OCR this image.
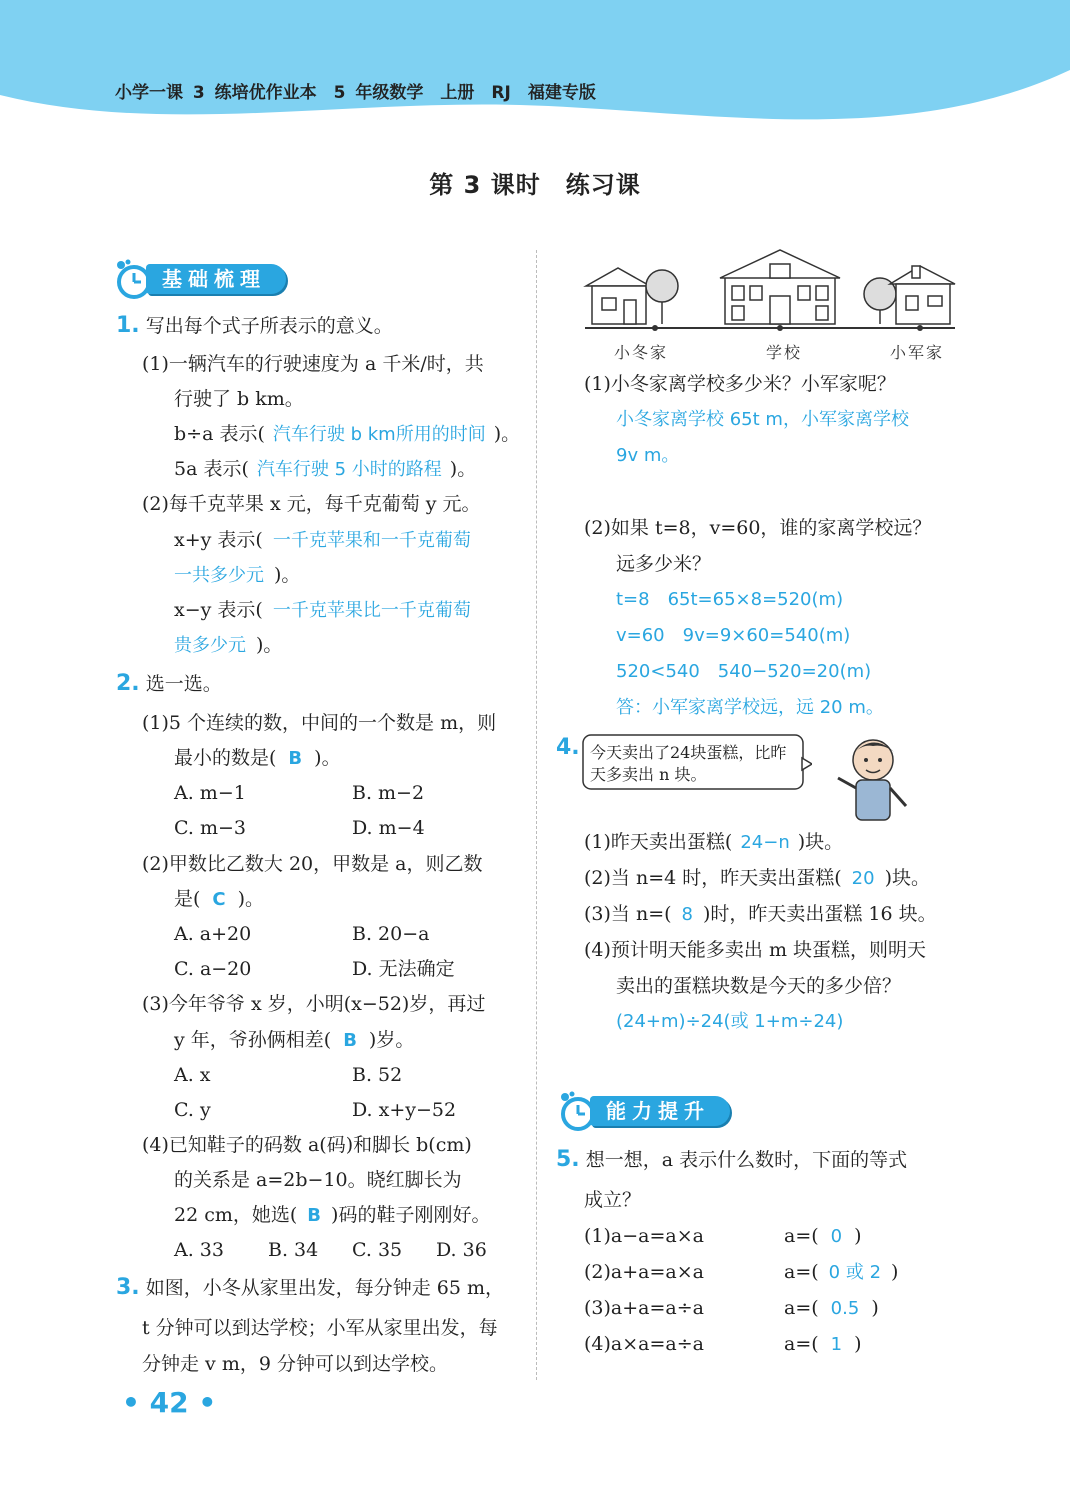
小学一课 3 练培优作业本　5 年级数学　上册　RJ　福建专版
第 3 课时　练习课
基础梳理
1. 写出每个式子所表示的意义。
(1)一辆汽车的行驶速度为 a 千米/时，共
行驶了 b km。
b÷a 表示( 汽车行驶 b km所用的时间 )。
5a 表示( 汽车行驶 5 小时的路程 )。
(2)每千克苹果 x 元，每千克葡萄 y 元。
x+y 表示( 一千克苹果和一千克葡萄
一共多少元 )。
x−y 表示( 一千克苹果比一千克葡萄
贵多少元 )。
2. 选一选。
(1)5 个连续的数，中间的一个数是 m，则
最小的数是( B )。
A. m−1	B. m−2
C. m−3	D. m−4
(2)甲数比乙数大 20，甲数是 a，则乙数
是( C )。
A. a+20	B. 20−a
C. a−20	D. 无法确定
(3)今年爷爷 x 岁，小明(x−52)岁，再过
y 年，爷孙俩相差( B )岁。
A. x	B. 52
C. y	D. x+y−52
(4)已知鞋子的码数 a(码)和脚长 b(cm)
的关系是 a=2b−10。晓红脚长为
22 cm，她选( B )码的鞋子刚刚好。
A. 33 B. 34 C. 35 D. 36
3. 如图，小冬从家里出发，每分钟走 65 m，
t 分钟可以到达学校；小军从家里出发，每
分钟走 v m，9 分钟可以到达学校。
• 42 •
小冬家	学校	小军家
(1)小冬家离学校多少米？小军家呢？
小冬家离学校 65t m，小军家离学校
9v m。
(2)如果 t=8，v=60，谁的家离学校远？
远多少米？
t=8　65t=65×8=520(m)
v=60　9v=9×60=540(m)
520<540　540−520=20(m)
答：小军家离学校远，远 20 m。
4. 今天卖出了24块蛋糕，比昨
天多卖出 n 块。
(1)昨天卖出蛋糕( 24−n )块。
(2)当 n=4 时，昨天卖出蛋糕( 20 )块。
(3)当 n=( 8 )时，昨天卖出蛋糕 16 块。
(4)预计明天能多卖出 m 块蛋糕，则明天
卖出的蛋糕块数是今天的多少倍？
(24+m)÷24(或 1+m÷24)
能力提升
5. 想一想，a 表示什么数时，下面的等式
成立？
(1)a−a=a×a	a=( 0 )
(2)a+a=a×a	a=( 0 或 2 )
(3)a+a=a÷a	a=( 0.5 )
(4)a×a=a÷a	a=( 1 )
